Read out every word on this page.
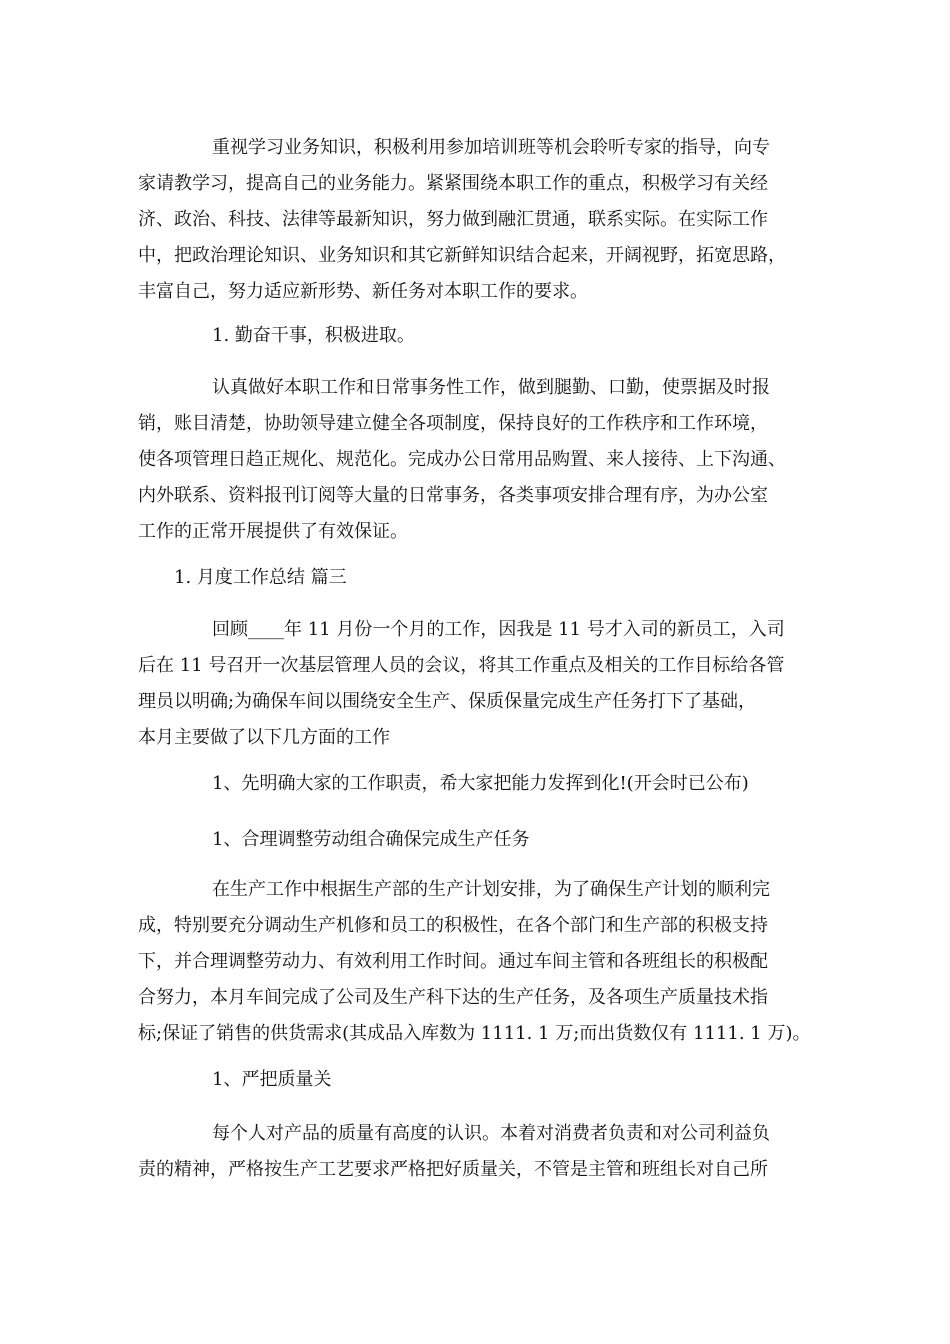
重视学习业务知识，积极利用参加培训班等机会聆听专家的指导，向专
家请教学习，提高自己的业务能力。紧紧围绕本职工作的重点，积极学习有关经
济、政治、科技、法律等最新知识，努力做到融汇贯通，联系实际。在实际工作
中，把政治理论知识、业务知识和其它新鲜知识结合起来，开阔视野，拓宽思路，
丰富自己，努力适应新形势、新任务对本职工作的要求。
1. 勤奋干事，积极进取。
认真做好本职工作和日常事务性工作，做到腿勤、口勤，使票据及时报
销，账目清楚，协助领导建立健全各项制度，保持良好的工作秩序和工作环境，
使各项管理日趋正规化、规范化。完成办公日常用品购置、来人接待、上下沟通、
内外联系、资料报刊订阅等大量的日常事务，各类事项安排合理有序，为办公室
工作的正常开展提供了有效保证。
1. 月度工作总结 篇三
回顾____年 11 月份一个月的工作，因我是 11 号才入司的新员工，入司
后在 11 号召开一次基层管理人员的会议，将其工作重点及相关的工作目标给各管
理员以明确;为确保车间以围绕安全生产、保质保量完成生产任务打下了基础，
本月主要做了以下几方面的工作
1、先明确大家的工作职责，希大家把能力发挥到化!(开会时已公布)
1、合理调整劳动组合确保完成生产任务
在生产工作中根据生产部的生产计划安排，为了确保生产计划的顺利完
成，特别要充分调动生产机修和员工的积极性，在各个部门和生产部的积极支持
下，并合理调整劳动力、有效利用工作时间。通过车间主管和各班组长的积极配
合努力，本月车间完成了公司及生产科下达的生产任务，及各项生产质量技术指
标;保证了销售的供货需求(其成品入库数为 1111. 1 万;而出货数仅有 1111. 1 万)。
1、严把质量关
每个人对产品的质量有高度的认识。本着对消费者负责和对公司利益负
责的精神，严格按生产工艺要求严格把好质量关，不管是主管和班组长对自己所
